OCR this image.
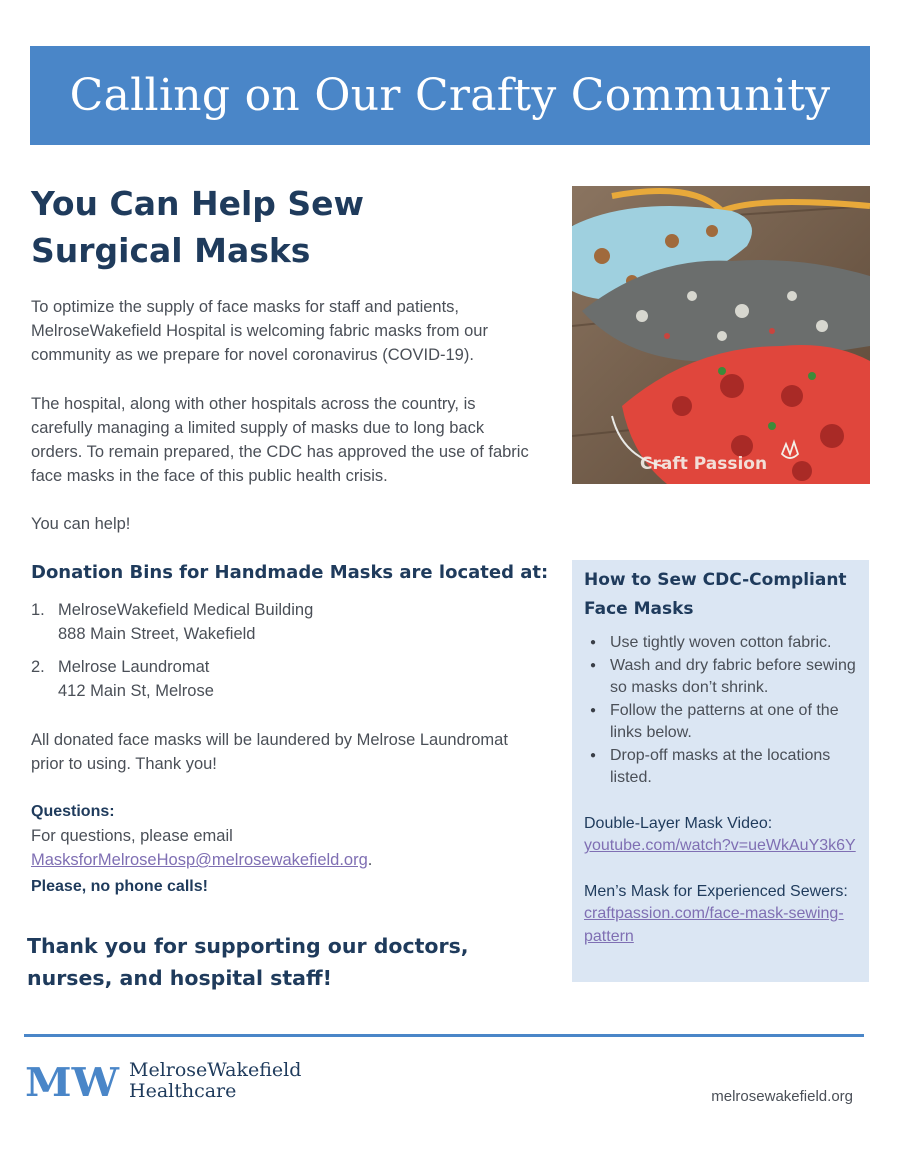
Calling on Our Crafty Community
You Can Help Sew
Surgical Masks

To optimize the supply of face masks for staff and patients, MelroseWakefield Hospital is welcoming fabric masks from our community as we prepare for novel coronavirus (COVID-19).

The hospital, along with other hospitals across the country, is carefully managing a limited supply of masks due to long back orders. To remain prepared, the CDC has approved the use of fabric face masks in the face of this public health crisis.

You can help!

Donation Bins for Handmade Masks are located at:
1. MelroseWakefield Medical Building
888 Main Street, Wakefield
2. Melrose Laundromat
412 Main St, Melrose

All donated face masks will be laundered by Melrose Laundromat prior to using. Thank you!

Questions:
For questions, please email
MasksforMelroseHosp@melrosewakefield.org.

Please, no phone calls!

Thank you for supporting our doctors, nurses, and hospital staff!

Craft Passion
How to Sew CDC-Compliant Face Masks
● Use tightly woven cotton fabric.
● Wash and dry fabric before sewing so masks don’t shrink.
● Follow the patterns at one of the links below.
● Drop-off masks at the locations listed.
Double-Layer Mask Video:
youtube.com/watch?v=ueWkAuY3k6Y
Men’s Mask for Experienced Sewers:
craftpassion.com/face-mask-sewing-pattern
MW MelroseWakefield
Healthcare	melrosewakefield.org
